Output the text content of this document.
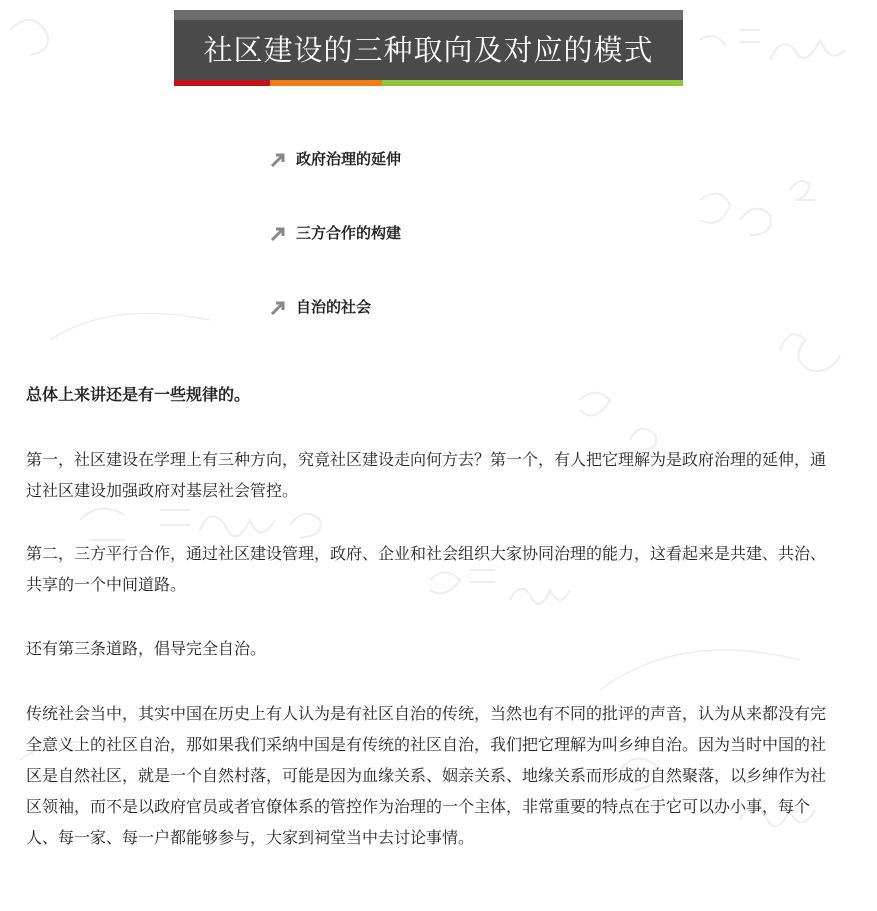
社区建设的三种取向及对应的模式
政府治理的延伸
三方合作的构建
自治的社会

总体上来讲还是有一些规律的。

第一，社区建设在学理上有三种方向，究竟社区建设走向何方去？第一个，有人把它理解为是政府治理的延伸，通过社区建设加强政府对基层社会管控。

第二，三方平行合作，通过社区建设管理，政府、企业和社会组织大家协同治理的能力，这看起来是共建、共治、共享的一个中间道路。

还有第三条道路，倡导完全自治。

传统社会当中，其实中国在历史上有人认为是有社区自治的传统，当然也有不同的批评的声音，认为从来都没有完全意义上的社区自治，那如果我们采纳中国是有传统的社区自治，我们把它理解为叫乡绅自治。因为当时中国的社区是自然社区，就是一个自然村落，可能是因为血缘关系、姻亲关系、地缘关系而形成的自然聚落，以乡绅作为社区领袖，而不是以政府官员或者官僚体系的管控作为治理的一个主体，非常重要的特点在于它可以办小事，每个人、每一家、每一户都能够参与，大家到祠堂当中去讨论事情。
